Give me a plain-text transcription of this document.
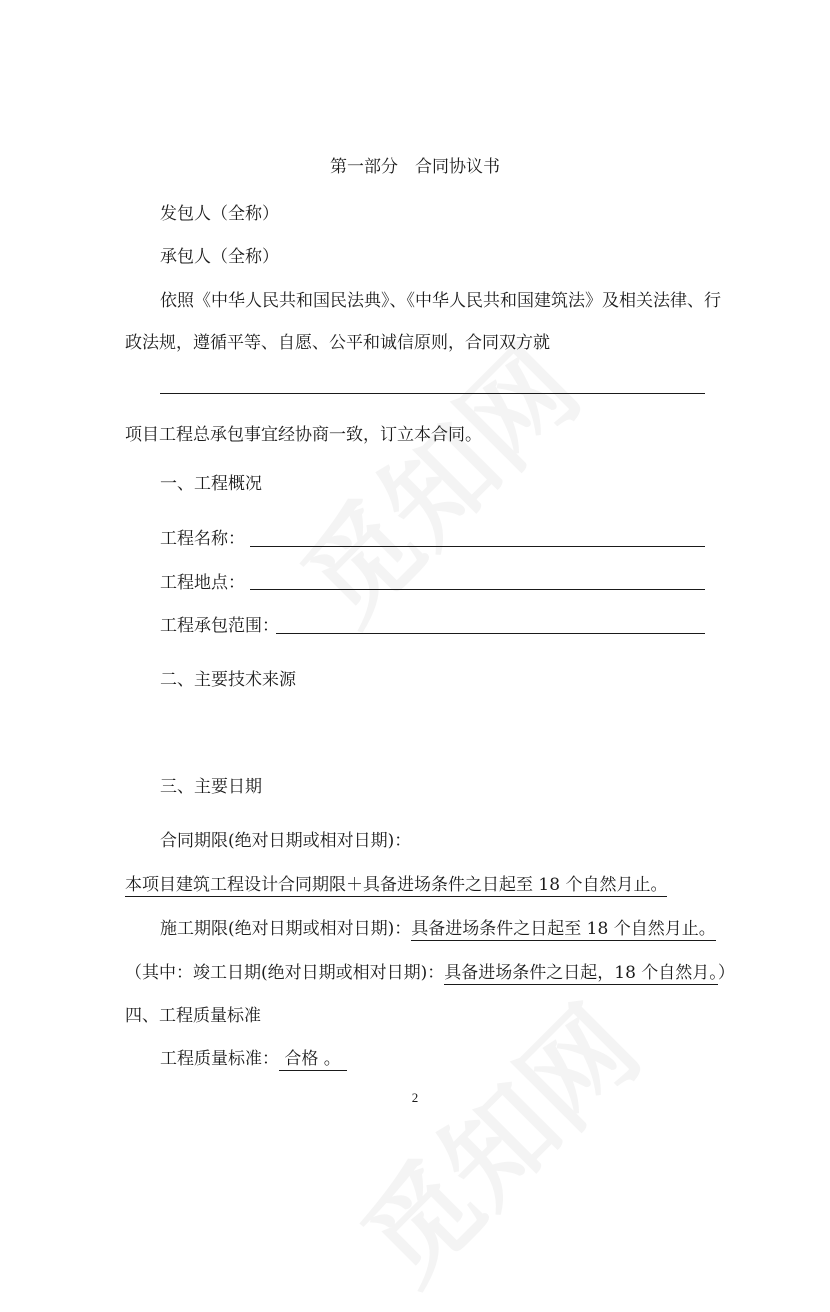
第一部分　合同协议书
发包人（全称）
承包人（全称）
依照《中华人民共和国民法典》、《中华人民共和国建筑法》及相关法律、行
政法规，遵循平等、自愿、公平和诚信原则，合同双方就
项目工程总承包事宜经协商一致，订立本合同。
一、工程概况
工程名称：
工程地点：
工程承包范围：
二、主要技术来源
三、主要日期
合同期限(绝对日期或相对日期)：
本项目建筑工程设计合同期限＋具备进场条件之日起至 18 个自然月止。
施工期限(绝对日期或相对日期)：具备进场条件之日起至 18 个自然月止。
（其中：竣工日期(绝对日期或相对日期)：具备进场条件之日起，18 个自然月。）
四、工程质量标准
工程质量标准： 合格 。
2
